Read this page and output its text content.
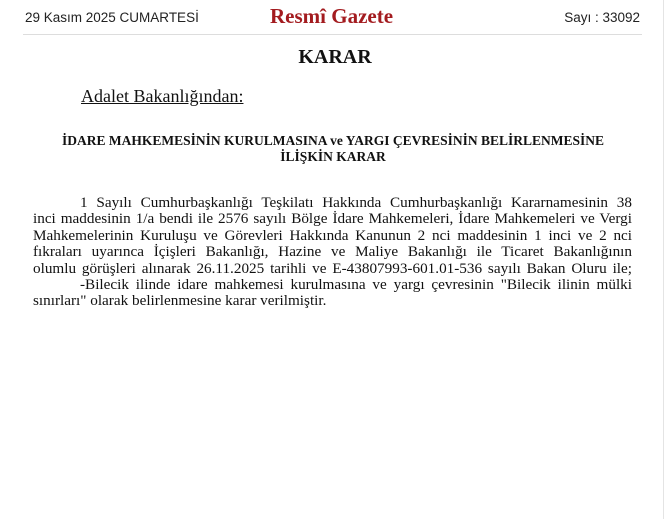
29 Kasım 2025 CUMARTESİ	Resmî Gazete	Sayı : 33092
KARAR
Adalet Bakanlığından:
İDARE MAHKEMESİNİN KURULMASINA ve YARGI ÇEVRESİNİN BELİRLENMESİNE
İLİŞKİN KARAR
1 Sayılı Cumhurbaşkanlığı Teşkilatı Hakkında Cumhurbaşkanlığı Kararnamesinin 38
inci maddesinin 1/a bendi ile 2576 sayılı Bölge İdare Mahkemeleri, İdare Mahkemeleri ve Vergi
Mahkemelerinin Kuruluşu ve Görevleri Hakkında Kanunun 2 nci maddesinin 1 inci ve 2 nci
fıkraları uyarınca İçişleri Bakanlığı, Hazine ve Maliye Bakanlığı ile Ticaret Bakanlığının
olumlu görüşleri alınarak 26.11.2025 tarihli ve E-43807993-601.01-536 sayılı Bakan Oluru ile;
-Bilecik ilinde idare mahkemesi kurulmasına ve yargı çevresinin "Bilecik ilinin mülki
sınırları" olarak belirlenmesine karar verilmiştir.
